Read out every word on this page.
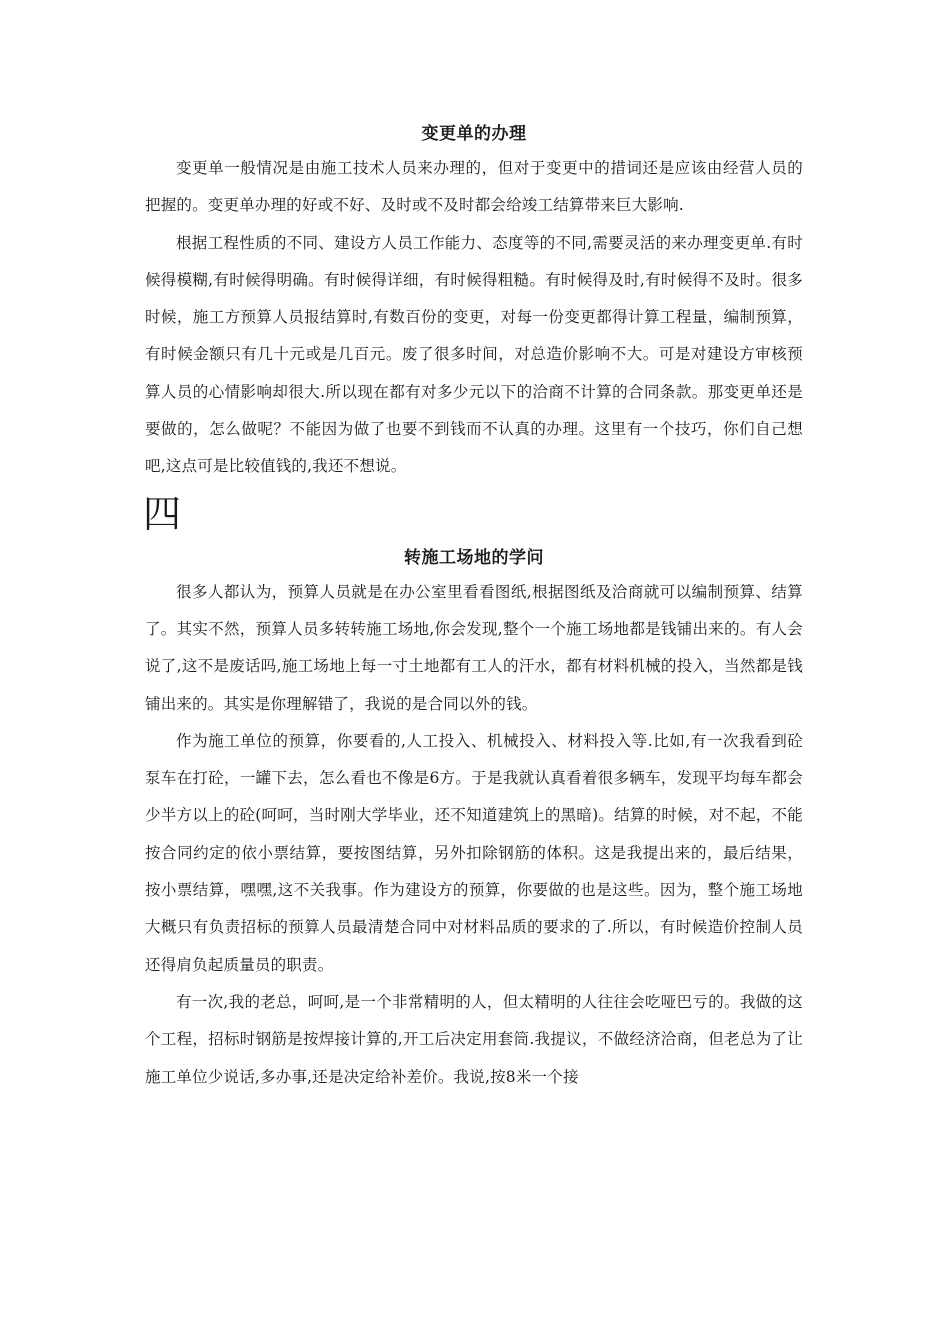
变更单的办理

变更单一般情况是由施工技术人员来办理的，但对于变更中的措词还是应该由经营人员的把握的。变更单办理的好或不好、及时或不及时都会给竣工结算带来巨大影响.

根据工程性质的不同、建设方人员工作能力、态度等的不同,需要灵活的来办理变更单.有时候得模糊,有时候得明确。有时候得详细，有时候得粗糙。有时候得及时,有时候得不及时。很多时候，施工方预算人员报结算时,有数百份的变更，对每一份变更都得计算工程量，编制预算，有时候金额只有几十元或是几百元。废了很多时间，对总造价影响不大。可是对建设方审核预算人员的心情影响却很大.所以现在都有对多少元以下的洽商不计算的合同条款。那变更单还是要做的，怎么做呢？不能因为做了也要不到钱而不认真的办理。这里有一个技巧，你们自己想吧,这点可是比较值钱的,我还不想说。

四
转施工场地的学问

很多人都认为，预算人员就是在办公室里看看图纸,根据图纸及洽商就可以编制预算、结算了。其实不然，预算人员多转转施工场地,你会发现,整个一个施工场地都是钱铺出来的。有人会说了,这不是废话吗,施工场地上每一寸土地都有工人的汗水，都有材料机械的投入，当然都是钱铺出来的。其实是你理解错了，我说的是合同以外的钱。

作为施工单位的预算，你要看的,人工投入、机械投入、材料投入等.比如,有一次我看到砼泵车在打砼，一罐下去，怎么看也不像是6方。于是我就认真看着很多辆车，发现平均每车都会少半方以上的砼(呵呵，当时刚大学毕业，还不知道建筑上的黑暗)。结算的时候，对不起，不能按合同约定的依小票结算，要按图结算，另外扣除钢筋的体积。这是我提出来的，最后结果，按小票结算，嘿嘿,这不关我事。作为建设方的预算，你要做的也是这些。因为，整个施工场地大概只有负责招标的预算人员最清楚合同中对材料品质的要求的了.所以，有时候造价控制人员还得肩负起质量员的职责。

有一次,我的老总，呵呵,是一个非常精明的人，但太精明的人往往会吃哑巴亏的。我做的这个工程，招标时钢筋是按焊接计算的,开工后决定用套筒.我提议，不做经济洽商，但老总为了让施工单位少说话,多办事,还是决定给补差价。我说,按8米一个接
